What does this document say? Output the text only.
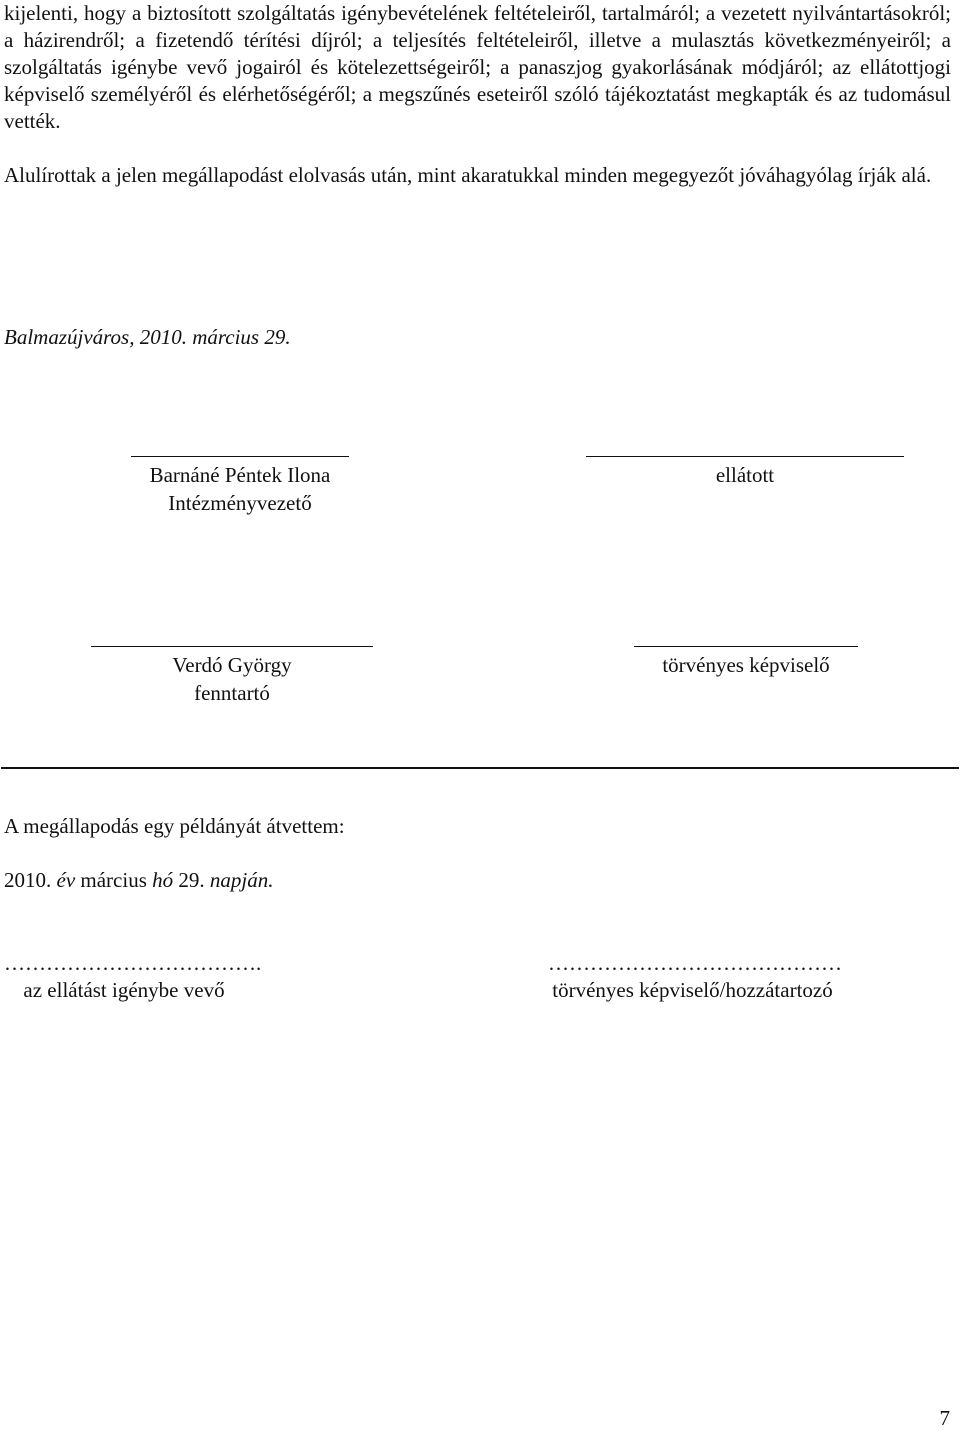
kijelenti, hogy a biztosított szolgáltatás igénybevételének feltételeiről, tartalmáról; a vezetett nyilvántartásokról; a házirendről; a fizetendő térítési díjról; a teljesítés feltételeiről, illetve a mulasztás következményeiről; a szolgáltatás igénybe vevő jogairól és kötelezettségeiről; a panaszjog gyakorlásának módjáról; az ellátottjogi képviselő személyéről és elérhetőségéről; a megszűnés eseteiről szóló tájékoztatást megkapták és az tudomásul vették.

Alulírottak a jelen megállapodást elolvasás után, mint akaratukkal minden megegyezőt jóváhagyólag írják alá.

Balmazújváros, 2010. március 29.

Barnáné Péntek Ilona
Intézményvezető
ellátott
Verdó György
fenntartó
törvényes képviselő

A megállapodás egy példányát átvettem:

2010. év március hó 29. napján.

……………………………….
az ellátást igénybe vevő
……………………………………
törvényes képviselő/hozzátartozó

7
